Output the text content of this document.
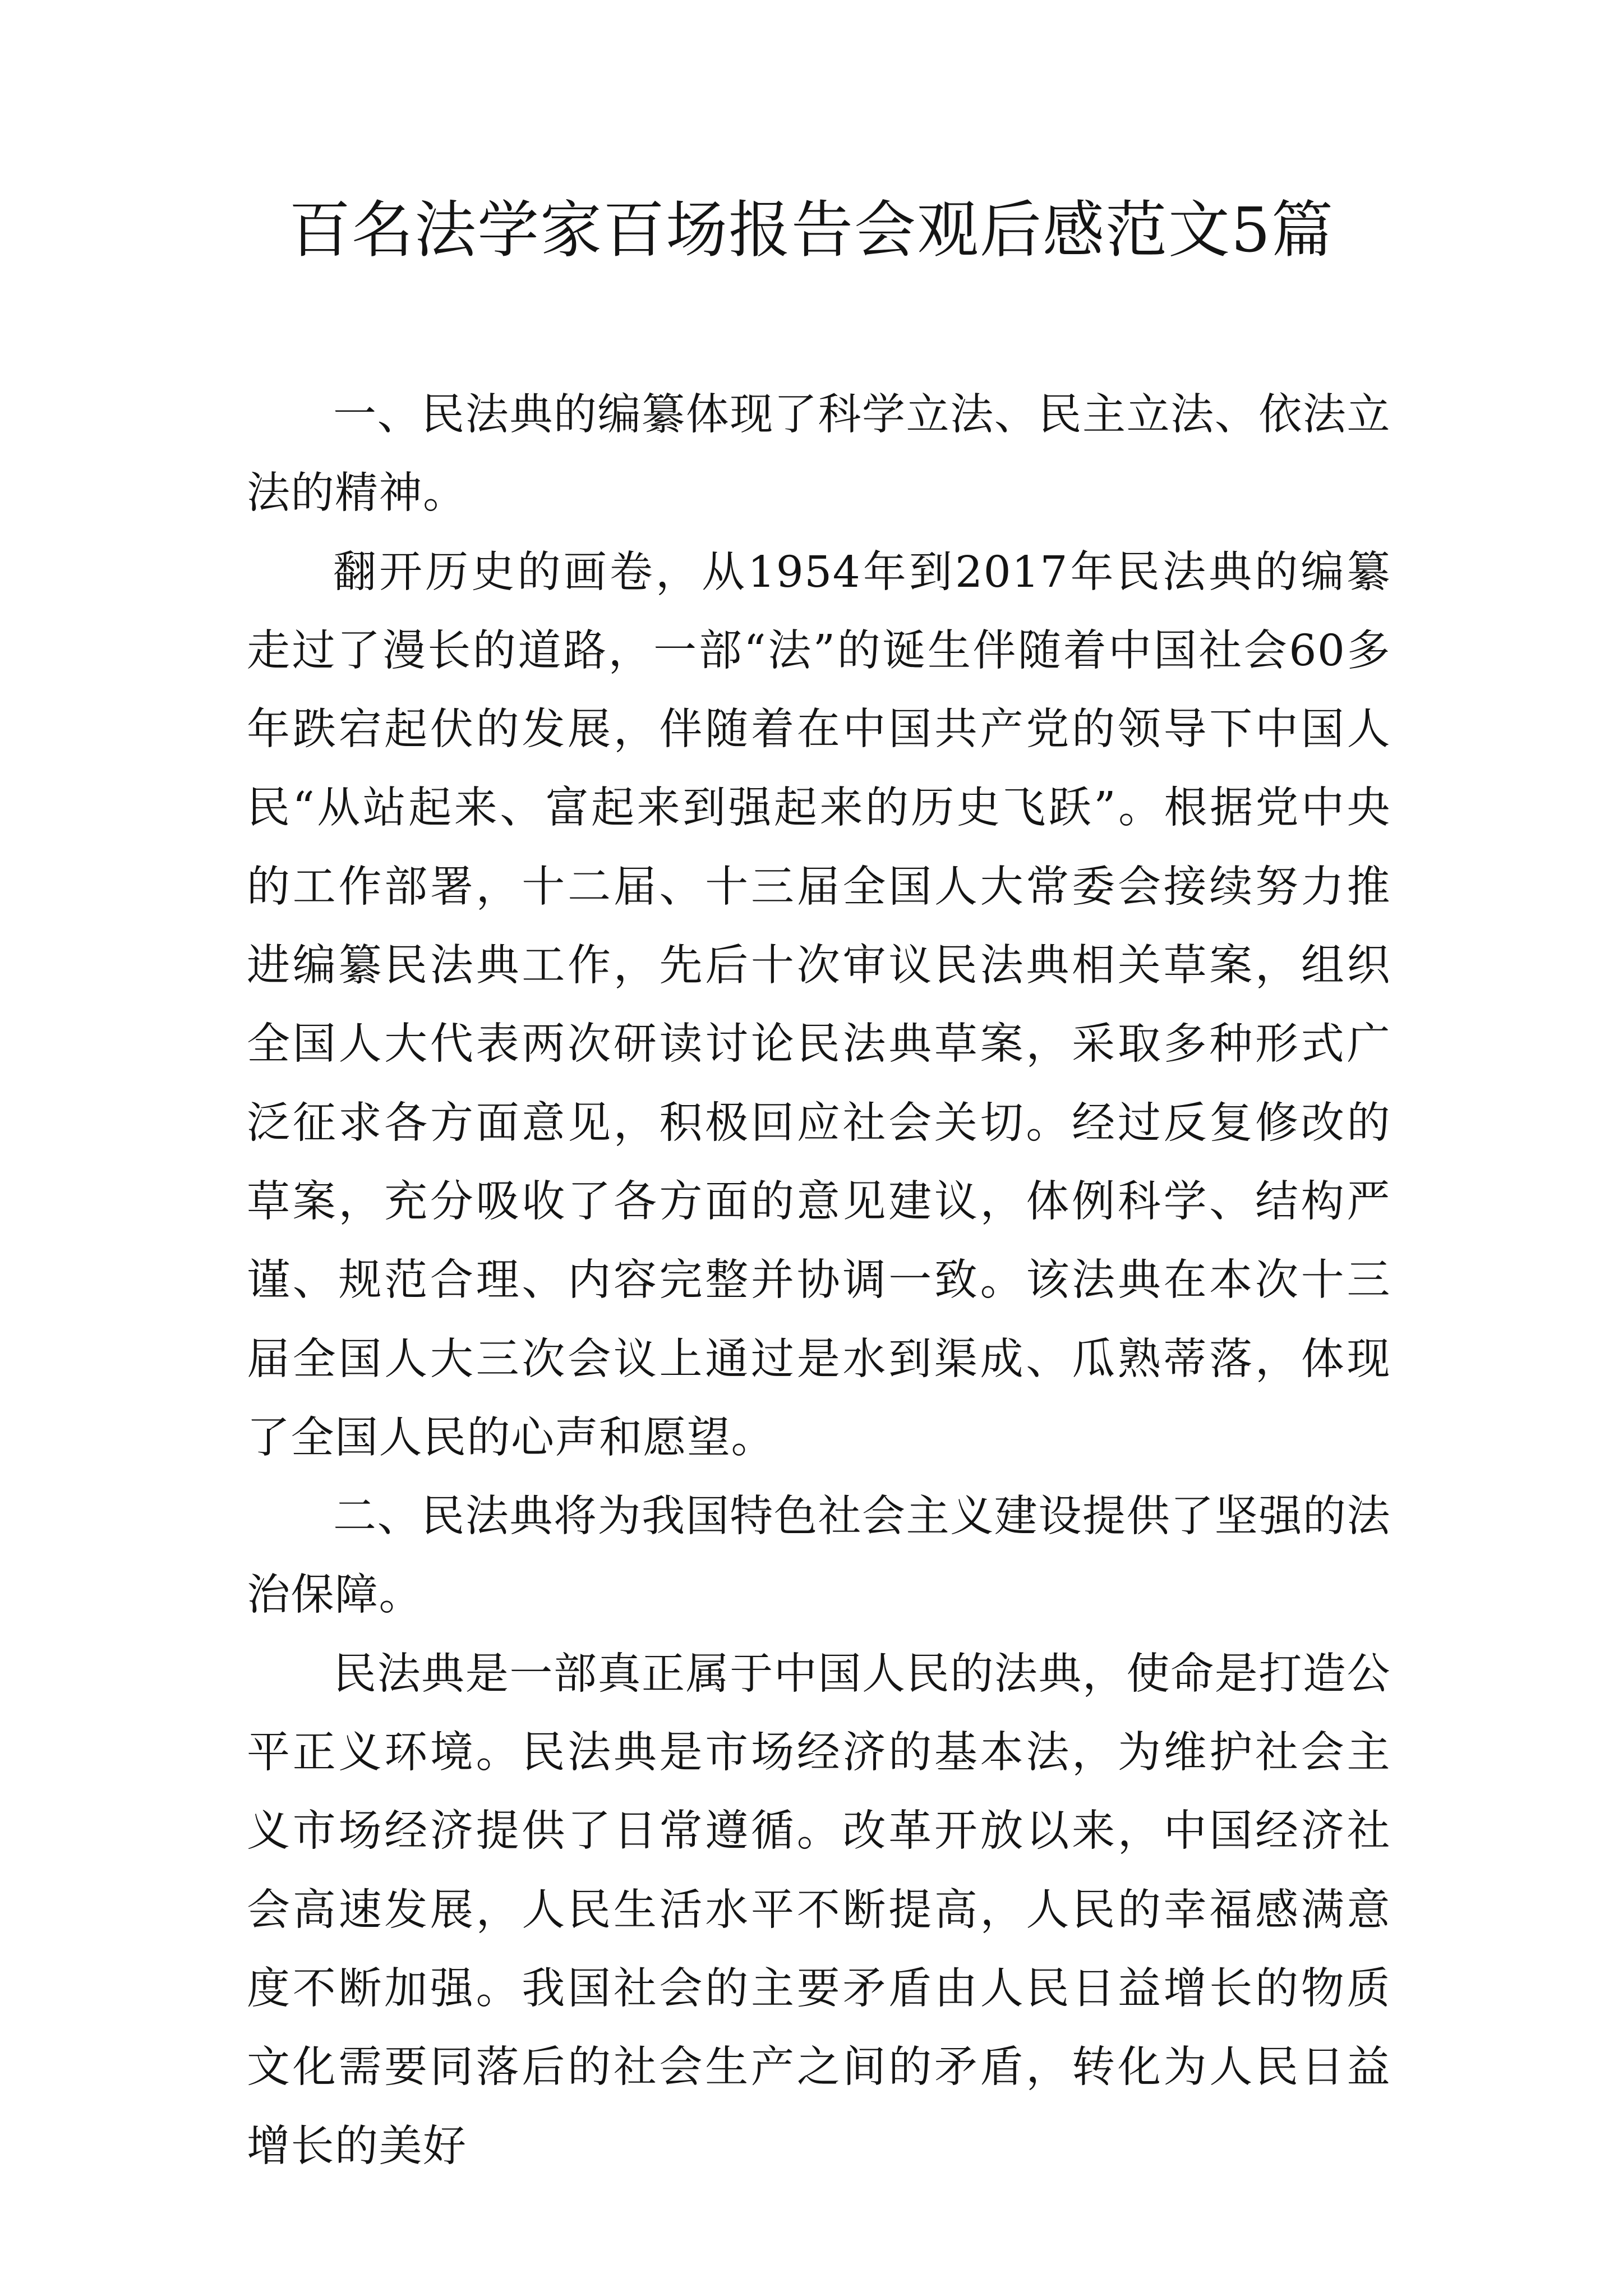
百名法学家百场报告会观后感范文5篇

一、民法典的编纂体现了科学立法、民主立法、依法立法的精神。

翻开历史的画卷，从1954年到2017年民法典的编纂走过了漫长的道路，一部“法”的诞生伴随着中国社会60多年跌宕起伏的发展，伴随着在中国共产党的领导下中国人民“从站起来、富起来到强起来的历史飞跃”。根据党中央的工作部署，十二届、十三届全国人大常委会接续努力推进编纂民法典工作，先后十次审议民法典相关草案，组织全国人大代表两次研读讨论民法典草案，采取多种形式广泛征求各方面意见，积极回应社会关切。经过反复修改的草案，充分吸收了各方面的意见建议，体例科学、结构严谨、规范合理、内容完整并协调一致。该法典在本次十三届全国人大三次会议上通过是水到渠成、瓜熟蒂落，体现了全国人民的心声和愿望。

二、民法典将为我国特色社会主义建设提供了坚强的法治保障。

民法典是一部真正属于中国人民的法典，使命是打造公平正义环境。民法典是市场经济的基本法，为维护社会主义市场经济提供了日常遵循。改革开放以来，中国经济社会高速发展，人民生活水平不断提高，人民的幸福感满意度不断加强。我国社会的主要矛盾由人民日益增长的物质文化需要同落后的社会生产之间的矛盾，转化为人民日益增长的美好
